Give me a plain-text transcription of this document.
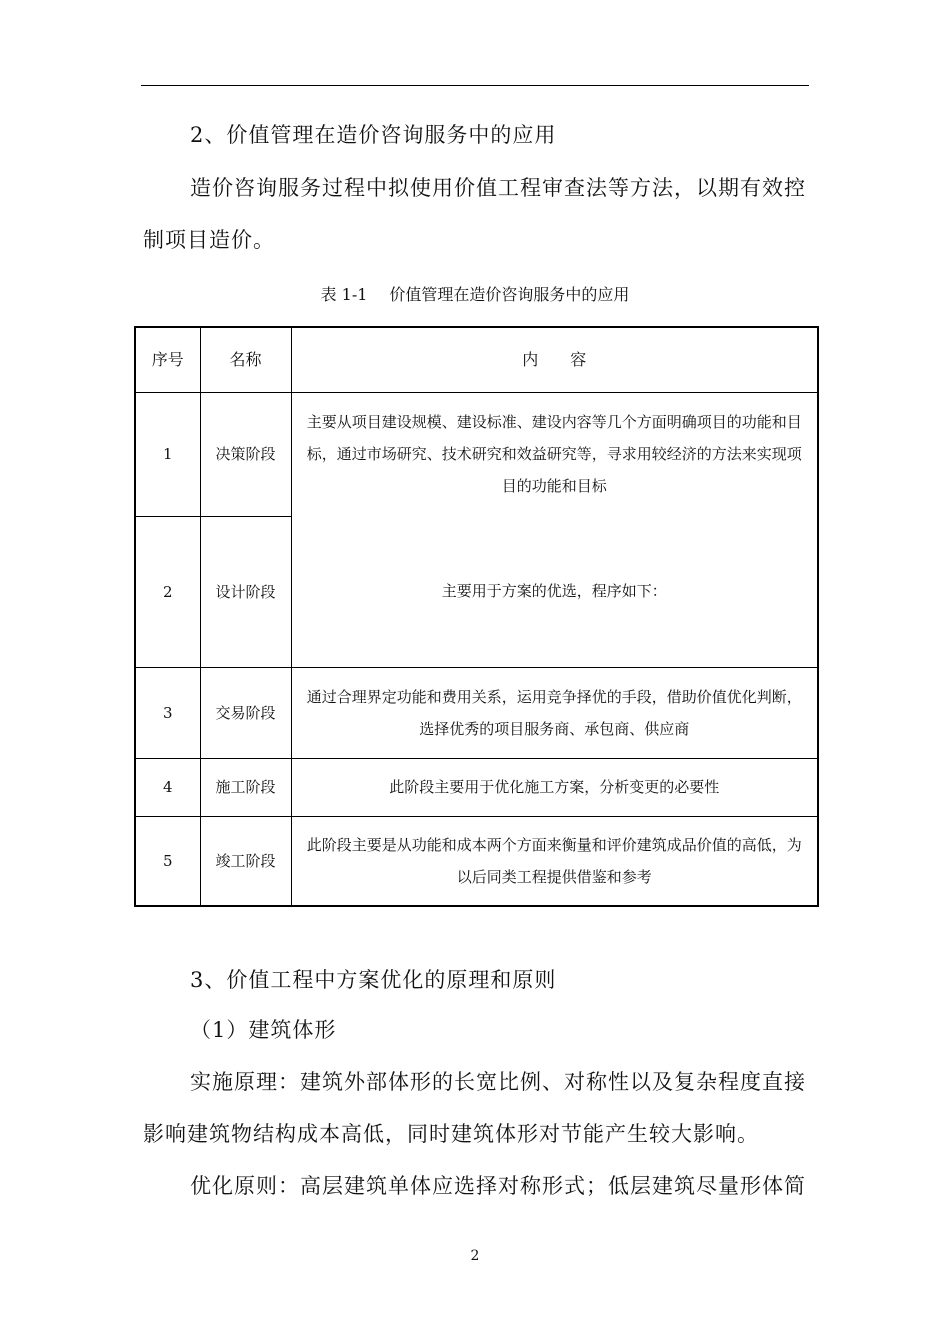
2、价值管理在造价咨询服务中的应用
造价咨询服务过程中拟使用价值工程审查法等方法，以期有效控
制项目造价。
表 1-1 价值管理在造价咨询服务中的应用
序号	名称	内　　容
1	决策阶段	主要从项目建设规模、建设标准、建设内容等几个方面明确项目的功能和目标，通过市场研究、技术研究和效益研究等，寻求用较经济的方法来实现项目的功能和目标
2	设计阶段	主要用于方案的优选，程序如下：
3	交易阶段	通过合理界定功能和费用关系，运用竞争择优的手段，借助价值优化判断，选择优秀的项目服务商、承包商、供应商
4	施工阶段	此阶段主要用于优化施工方案，分析变更的必要性
5	竣工阶段	此阶段主要是从功能和成本两个方面来衡量和评价建筑成品价值的高低，为以后同类工程提供借鉴和参考
3、价值工程中方案优化的原理和原则
（1）建筑体形
实施原理：建筑外部体形的长宽比例、对称性以及复杂程度直接
影响建筑物结构成本高低，同时建筑体形对节能产生较大影响。
优化原则：高层建筑单体应选择对称形式；低层建筑尽量形体简
2
